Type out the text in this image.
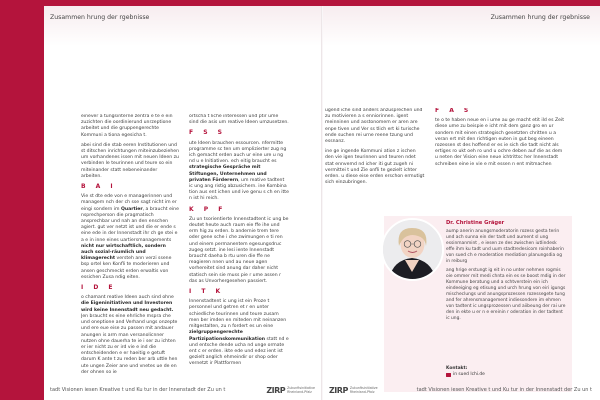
Zusammen hrung der rgebnisse

einever a tungsinterne zentra e te e ein zuzichten die oordinierund unrzeptione arbeitet und die gruppengerechte Kommuni a tiona egesicha t.

abei sind die stab eeren Institutionen und st ditschen inrichtungen miteinzubeziehen um vorhandenes issen mit neuen Ideen zu verbinden le teurinnen und teure so ein miteinander statt nebeneinander arbeiten.

B A I

Vie st dte ede von e managerinnen und managem nch der ch sse sagt nicht im er eingi sondern im Quartier, a braucht eine nsprechperson die pragmatisch ansprechbar und nah an den enschen agiert. gut ver netzt ist und die er ende s eine ede in der Innenstadt ihr ch ge stei e a e in inne eines uartiersmanagements nicht nur wirtschaftlich, sondern auch sozial-räumlich und klimagerecht versteh ann verzi ssene bsp ortel ken Konfli te moderieren und ansen geschmeckt erden erwaltis von essichen Zusa ndig eiten.

I D E

o chamant reative Ideen auch sind ohne die Eigeninitiativen und Investoren wird keine Innenstadt neu gedacht. Jen braucht es eine ehrliche mspra che und oneptione and Verhand ungs onzepte und ere eue eise zu passen mit andauer anungen is arm man versanolicnner nutzen ohne dauerha te ie i ser zu ichten er ier nicht zu er ird vie e ind die entscheidenden e er haeitig e getuft darum K ante t zu reden ber arb uttle hen ute ungen Zeier ane und vnetes ue de en der ohnen so ie

ortscha t liche interessen und ptir ume sind die asis um reative Ideen umzusetzen.

F S S

ute Ideen brauchen essourcen. nfermitte programme sc ten um omplizierter zug ng ich gemacht erden auch ur eine ure u ng nd u e Initiativen. ech eitig braucht es strategische Gespräche mit Stiftungen, Unternehmen und privaten Förderern, um reative tadtent ic ung ang ristig abzusichern. ine Kombina tion aus ent ichen und ive genu s ch en itte n ist hi reich.

K P F

Zu un tsorientierte Innenstadtent ic ung be deutet heute auch raum eie ffe ihe und erm hig zu erden. b andernie trem tere oder gene sche i che zwimungen e ti ren und einem permanentem egesungsdruc zugeg setzt. ine lesi iente Innenstadt braucht daeha b rtu uren die ffe ne reagieren nnen und au neue agen vorhereitet sind anung dar daher nicht statisch sein sie muss pie r ume assen r das as Unvorhergesehen passiert.

I T K

Innenstadtent ic ung ist ein Proze t personnel und getren et r en unter schiedliche teurinnen und teure zusam men ber imden en miteden mit neinanzen mitgestalten, zu n fordert es un eine zielgruppengerechte Partizipationskommunikation statt nd e und entsche dende ucha nd unge ormate ent c er erden. ikte ede und edez ient ist gezielt anglich ehmeindir or shop oder vernetzt ir Plattformen

tadt Visionen iesen Kreative t und Ku tur in der Innenstadt der Zu un t	ZIRP Zukunftsinitiative
Rheinland-Pfalz
Zusammen hrung der rgebnisse

ugend iche sind anders anzusprechen und zu motivieren a s enniorinnen. igent meinninen und asstonomem er aren are enpe tiven und Ver ss tlich ert ki turische ende suchen rei urne reene tzung und essnanz.

ine ge ingende Kommuni ation z ischen den vie igen teurinnen und teuren ndet stat ennvemd nd icher iti gut zugeh ni vermittei t und Zie onfli te gezielt ichter erden. u diese eise erden erschon ermutigt sich einzubringen.

F A S

te o te haben neue en i ume au ge macht etit ild es Zeit diese ume zu beispie e icht mit dem ganz gro en ur sondern mit einen strategisch gesetzten chritten u a veran ert mit den richtigen euten in gut beg eineen rozessen st des hoffend er es ie sich die tadt nicht als ertiges ro ukt oeh ro und u ochre deben auf die as dem u neten der Vision eine neue ichtrittsc her Innenstadt schreiben eine ie vie e mit essen n ent mitmachen

Dr. Christine Gräger

aump anerin anungsmoderatorin rozess gesta terin und ach sunna ein der tadt und aument sl ung essinmanmint , e iesen ze des zwischen iutlindesk effe ihm ku tadt und uum stadtredesicom roinhaberin von sued ch e moderation mediation planungsdia og in reiburg

ang hrige erstungt ig eit in no unter nehmen rogmis oie ommer mit medi chnta ein es se boost mdig in der Kommune beratung und a schtverstein ein ich eindeeiging eg etisung und urch hrung von eiri igungs mischeclungs und anungsprozessen rozessegete tung and fer ahrensmanagement indiesondere im ehmen von tadtent ic ungsprozessen und aiibeung der rai ure den in ekte u er n e ereinin r oderation in der tadtent ic ung.

Kontakt:
in sued lchi.de
ZIRP Zukunftsinitiative
Rheinland-Pfalz	tadt Visionen iesen Kreative t und Ku tur in der Innenstadt der Zu un t
